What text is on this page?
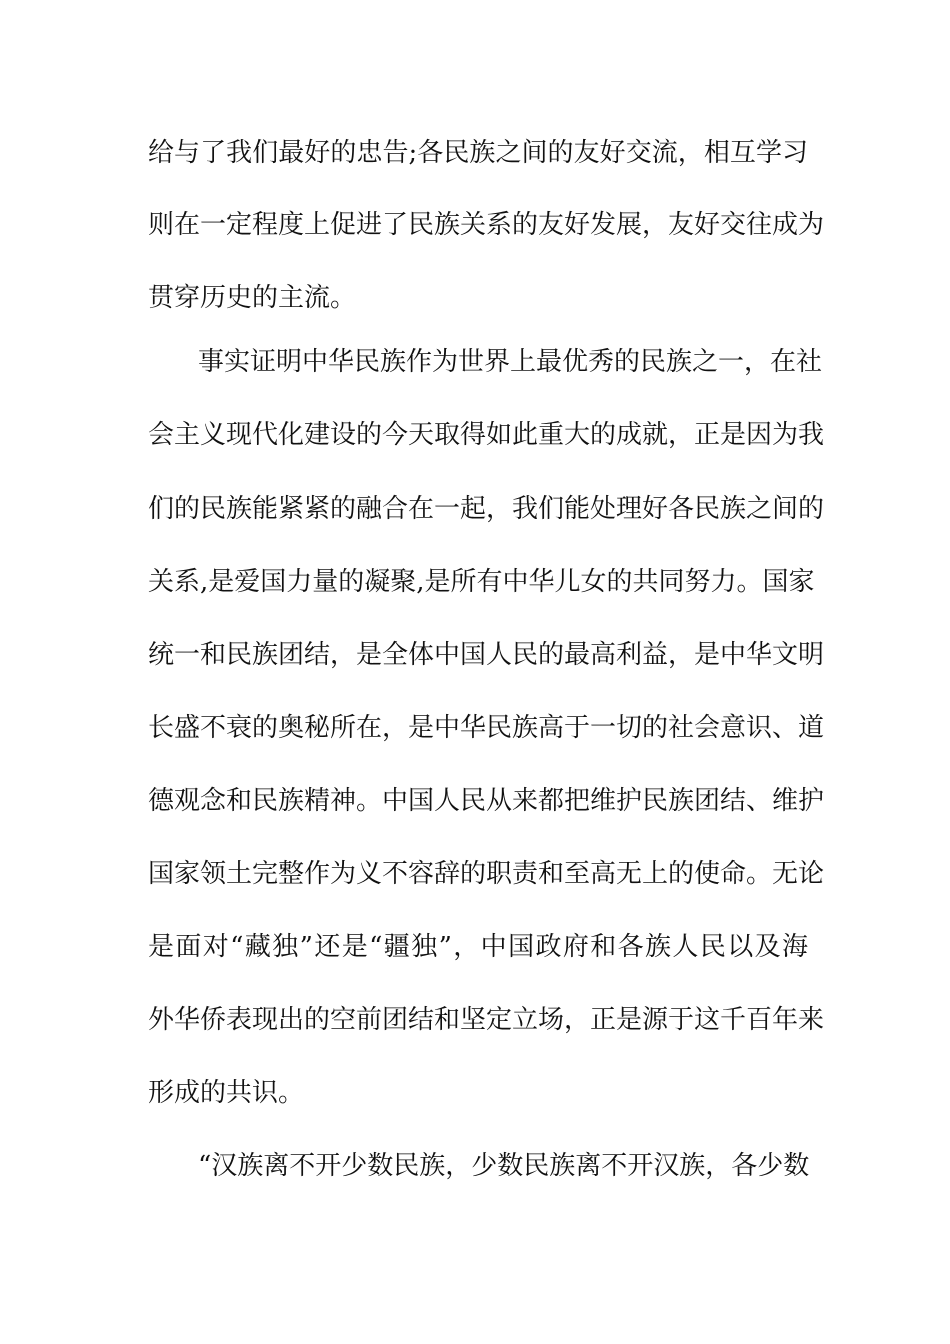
给与了我们最好的忠告;各民族之间的友好交流，相互学习
则在一定程度上促进了民族关系的友好发展，友好交往成为
贯穿历史的主流。
事实证明中华民族作为世界上最优秀的民族之一，在社
会主义现代化建设的今天取得如此重大的成就，正是因为我
们的民族能紧紧的融合在一起，我们能处理好各民族之间的
关系,是爱国力量的凝聚,是所有中华儿女的共同努力。国家
统一和民族团结，是全体中国人民的最高利益，是中华文明
长盛不衰的奥秘所在，是中华民族高于一切的社会意识、道
德观念和民族精神。中国人民从来都把维护民族团结、维护
国家领土完整作为义不容辞的职责和至高无上的使命。无论
是面对“藏独”还是“疆独”，中国政府和各族人民以及海
外华侨表现出的空前团结和坚定立场，正是源于这千百年来
形成的共识。
“汉族离不开少数民族，少数民族离不开汉族，各少数
